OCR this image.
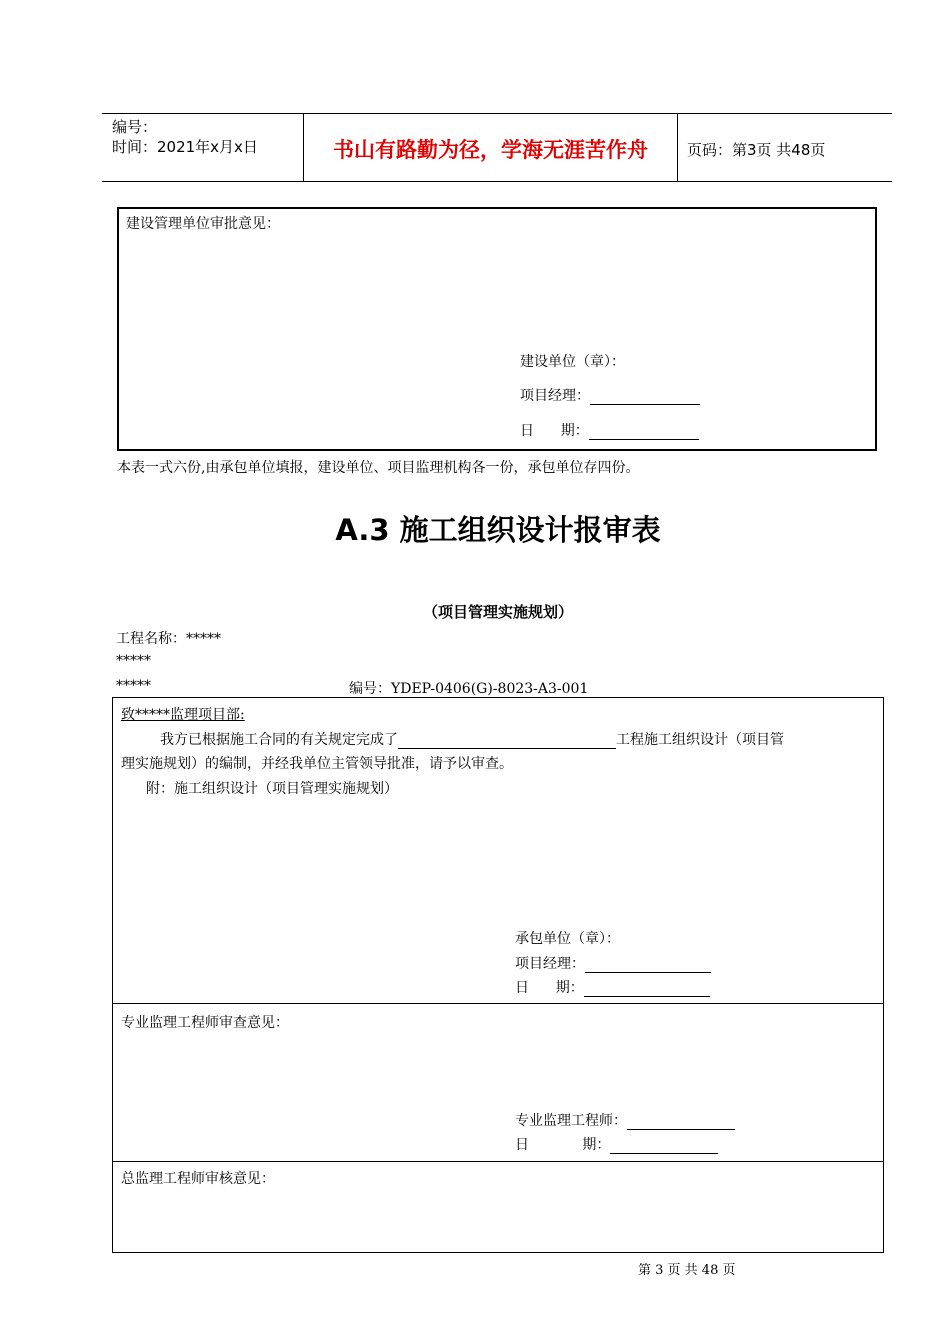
编号：
时间：2021年x月x日	书山有路勤为径，学海无涯苦作舟	页码：第3页 共48页
建设管理单位审批意见：
建设单位（章）：
项目经理：
日      期：
本表一式六份,由承包单位填报，建设单位、项目监理机构各一份，承包单位存四份。
A.3 施工组织设计报审表
（项目管理实施规划）
工程名称：*****
*****
*****	编号：YDEP-0406(G)-8023-A3-001
致*****监理项目部:
我方已根据施工合同的有关规定完成了	工程施工组织设计（项目管
理实施规划）的编制，并经我单位主管领导批准，请予以审查。
附：施工组织设计（项目管理实施规划）
承包单位（章）：
项目经理：
日      期：
专业监理工程师审查意见：
专业监理工程师：
日            期：
总监理工程师审核意见：
第 3 页 共 48 页
